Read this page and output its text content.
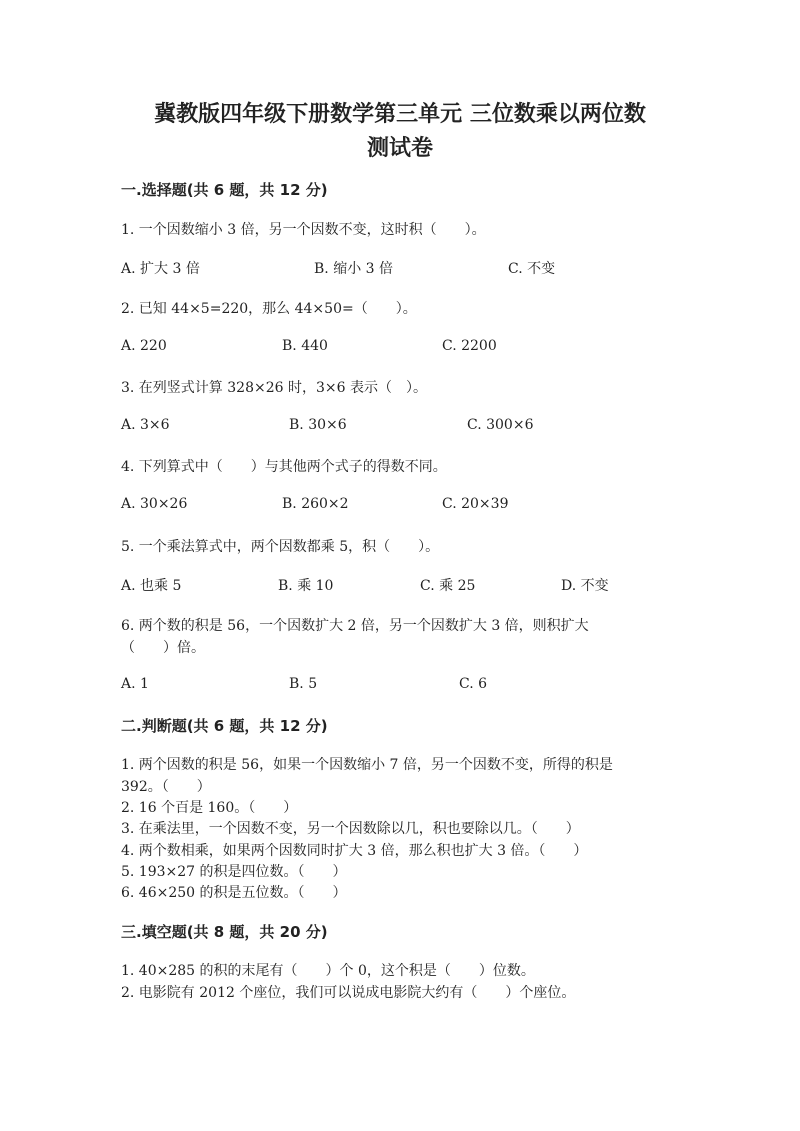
冀教版四年级下册数学第三单元 三位数乘以两位数
测试卷
一.选择题(共 6 题，共 12 分)
1. 一个因数缩小 3 倍，另一个因数不变，这时积（　　）。
A. 扩大 3 倍	B. 缩小 3 倍	C. 不变
2. 已知 44×5=220，那么 44×50=（　　）。
A. 220	B. 440	C. 2200
3. 在列竖式计算 328×26 时，3×6 表示（　）。
A. 3×6	B. 30×6	C. 300×6
4. 下列算式中（　　）与其他两个式子的得数不同。
A. 30×26	B. 260×2	C. 20×39
5. 一个乘法算式中，两个因数都乘 5，积（　　）。
A. 也乘 5	B. 乘 10	C. 乘 25	D. 不变
6. 两个数的积是 56，一个因数扩大 2 倍，另一个因数扩大 3 倍，则积扩大
（　　）倍。
A. 1	B. 5	C. 6
二.判断题(共 6 题，共 12 分)
1. 两个因数的积是 56，如果一个因数缩小 7 倍，另一个因数不变，所得的积是
392。（　　）
2. 16 个百是 160。（　　）
3. 在乘法里，一个因数不变，另一个因数除以几，积也要除以几。（　　）
4. 两个数相乘，如果两个因数同时扩大 3 倍，那么积也扩大 3 倍。（　　）
5. 193×27 的积是四位数。（　　）
6. 46×250 的积是五位数。（　　）
三.填空题(共 8 题，共 20 分)
1. 40×285 的积的末尾有（　　）个 0，这个积是（　　）位数。
2. 电影院有 2012 个座位，我们可以说成电影院大约有（　　）个座位。
